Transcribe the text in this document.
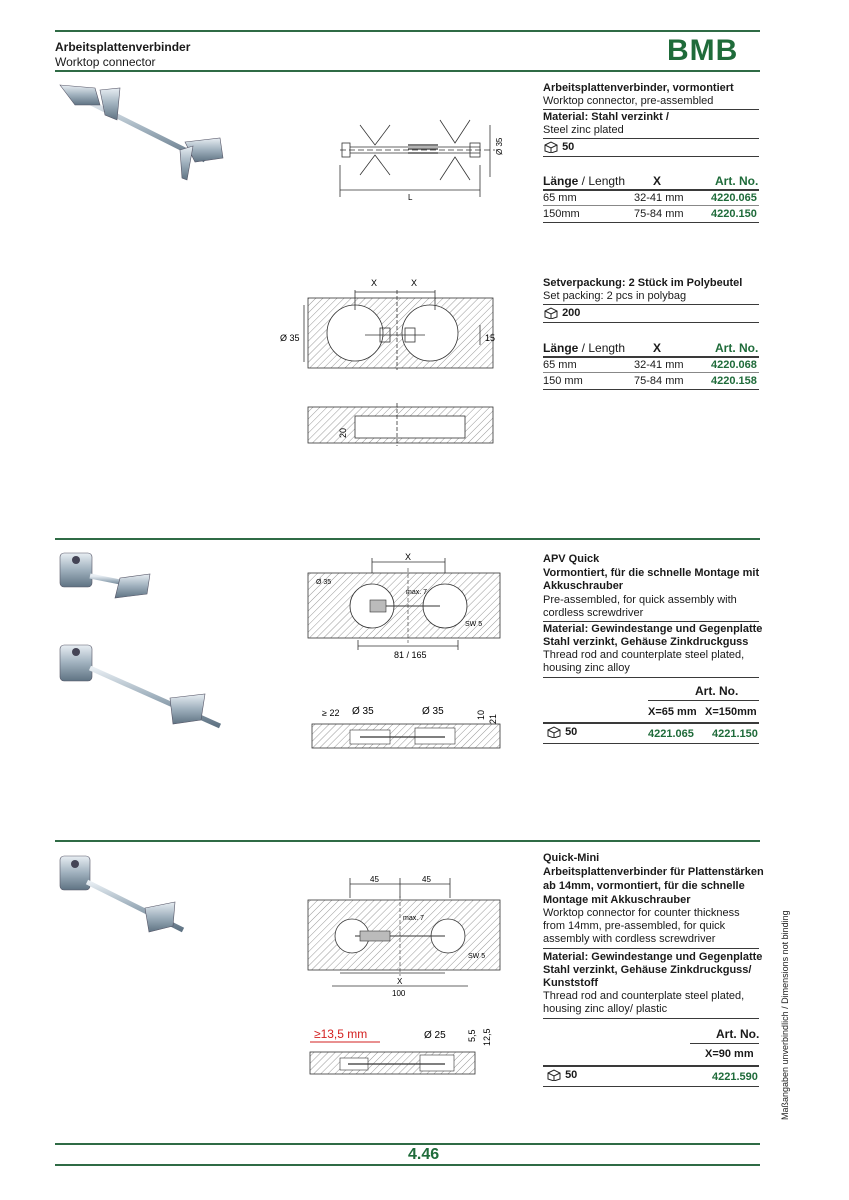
Arbeitsplattenverbinder
Worktop connector	BMB
L
Ø 35
Arbeitsplattenverbinder, vormontiert
Worktop connector, pre-assembled
Material: Stahl verzinkt /
Steel zinc plated
50
Länge / Length X	Art. No.
65 mm	32-41 mm 4220.065
150mm	75-84 mm 4220.150
X	X
Ø 35	15
20
Setverpackung: 2 Stück im Polybeutel
Set packing: 2 pcs in polybag
200
Länge / Length X	Art. No.
65 mm	32-41 mm 4220.068
150 mm	75-84 mm 4220.158
X
Ø 35
max. 7
SW 5
81 / 165
≥ 22 Ø 35	Ø 35	10 21
APV Quick
Vormontiert, für die schnelle Montage mit
Akkuschrauber
Pre-assembled, for quick assembly with
cordless screwdriver
Material: Gewindestange und Gegenplatte
Stahl verzinkt, Gehäuse Zinkdruckguss
Thread rod and counterplate steel plated,
housing zinc alloy
Art. No.
X=65 mm X=150mm
50	4221.065 4221.150
45	45
max. 7
SW 5
X
100
≥13,5 mm	Ø 25 5,5 12,5
Quick-Mini
Arbeitsplattenverbinder für Plattenstärken
ab 14mm, vormontiert, für die schnelle
Montage mit Akkuschrauber
Worktop connector for counter thickness
from 14mm, pre-assembled, for quick
assembly with cordless screwdriver
Material: Gewindestange und Gegenplatte
Stahl verzinkt, Gehäuse Zinkdruckguss/
Kunststoff
Thread rod and counterplate steel plated,
housing zinc alloy/ plastic
Art. No.
X=90 mm
50	4221.590 Maßangaben unverbindlich / Dimensions not binding
4.46
